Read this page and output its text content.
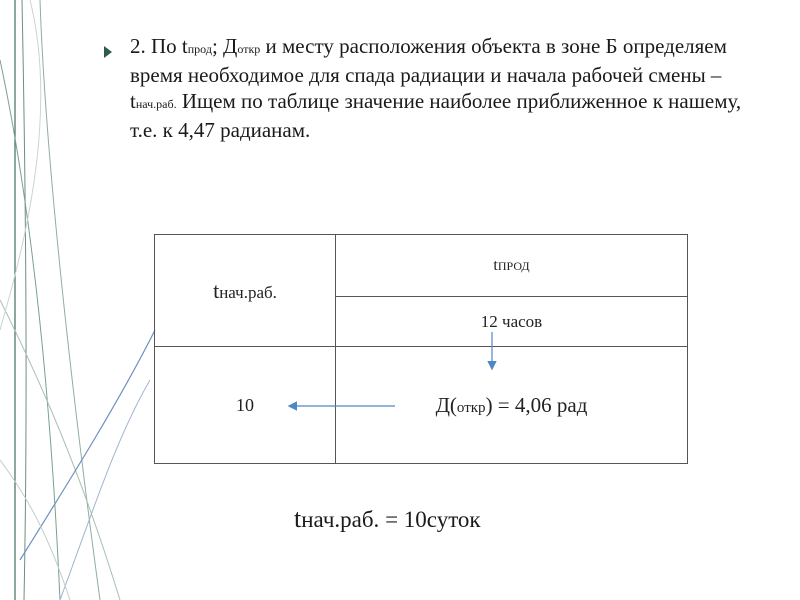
2. По tпрод; Доткр и месту расположения объекта в зоне Б определяем время необходимое для спада радиации и начала рабочей смены – tнач.раб. Ищем по таблице значение наиболее приближенное к нашему, т.е. к 4,47 радианам.
tнач.раб.	tПРОД
	12 часов
10	Д(откр) = 4,06 рад
tнач.раб. = 10суток
